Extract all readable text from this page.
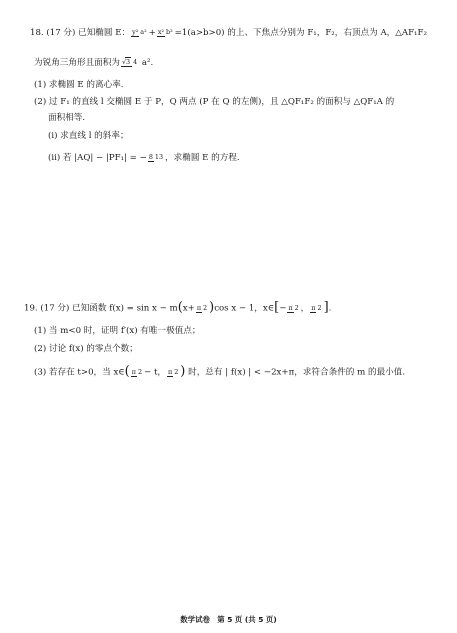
18. (17 分) 已知椭圆 E： y² a² + x² b² =1(a>b>0) 的上、下焦点分别为 F₁，F₂，右顶点为 A，△AF₁F₂
为锐角三角形且面积为 √3 4 a².
(1) 求椭圆 E 的离心率.
(2) 过 F₁ 的直线 l 交椭圆 E 于 P，Q 两点 (P 在 Q 的左侧)，且 △QF₁F₂ 的面积与 △QF₁A 的
面积相等.
(ⅰ) 求直线 l 的斜率；
(ⅱ) 若 |AQ| − |PF₁| = − 8 13 ，求椭圆 E 的方程.
19. (17 分) 已知函数 f(x) = sin x − m(x+ π 2 )cos x − 1，x∈[− π 2 ， π 2 ].
(1) 当 m<0 时，证明 f′(x) 有唯一极值点；
(2) 讨论 f(x) 的零点个数；
(3) 若存在 t>0，当 x∈( π 2 − t， π 2 ) 时，总有 | f(x) | < −2x+π，求符合条件的 m 的最小值.
数学试卷　第 5 页 (共 5 页)
